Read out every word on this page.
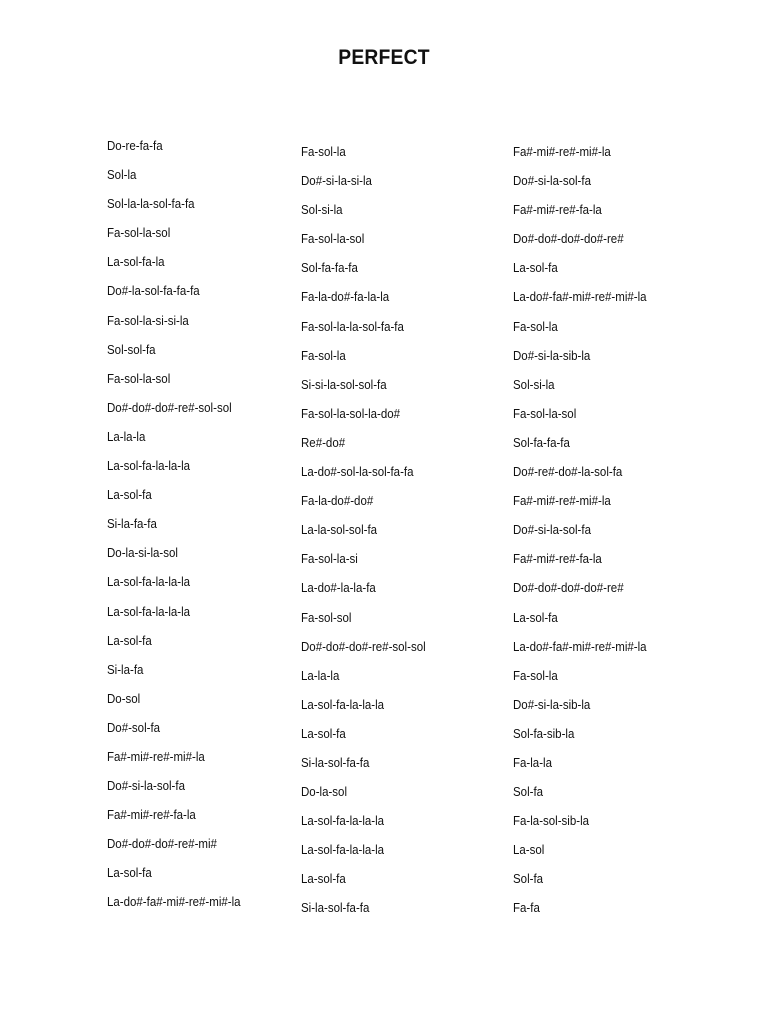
PERFECT
Do-re-fa-fa
Sol-la
Sol-la-la-sol-fa-fa
Fa-sol-la-sol
La-sol-fa-la
Do#-la-sol-fa-fa-fa
Fa-sol-la-si-si-la
Sol-sol-fa
Fa-sol-la-sol
Do#-do#-do#-re#-sol-sol
La-la-la
La-sol-fa-la-la-la
La-sol-fa
Si-la-fa-fa
Do-la-si-la-sol
La-sol-fa-la-la-la
La-sol-fa-la-la-la
La-sol-fa
Si-la-fa
Do-sol
Do#-sol-fa
Fa#-mi#-re#-mi#-la
Do#-si-la-sol-fa
Fa#-mi#-re#-fa-la
Do#-do#-do#-re#-mi#
La-sol-fa
La-do#-fa#-mi#-re#-mi#-la
Fa-sol-la
Do#-si-la-si-la
Sol-si-la
Fa-sol-la-sol
Sol-fa-fa-fa
Fa-la-do#-fa-la-la
Fa-sol-la-la-sol-fa-fa
Fa-sol-la
Si-si-la-sol-sol-fa
Fa-sol-la-sol-la-do#
Re#-do#
La-do#-sol-la-sol-fa-fa
Fa-la-do#-do#
La-la-sol-sol-fa
Fa-sol-la-si
La-do#-la-la-fa
Fa-sol-sol
Do#-do#-do#-re#-sol-sol
La-la-la
La-sol-fa-la-la-la
La-sol-fa
Si-la-sol-fa-fa
Do-la-sol
La-sol-fa-la-la-la
La-sol-fa-la-la-la
La-sol-fa
Si-la-sol-fa-fa
Fa#-mi#-re#-mi#-la
Do#-si-la-sol-fa
Fa#-mi#-re#-fa-la
Do#-do#-do#-do#-re#
La-sol-fa
La-do#-fa#-mi#-re#-mi#-la
Fa-sol-la
Do#-si-la-sib-la
Sol-si-la
Fa-sol-la-sol
Sol-fa-fa-fa
Do#-re#-do#-la-sol-fa
Fa#-mi#-re#-mi#-la
Do#-si-la-sol-fa
Fa#-mi#-re#-fa-la
Do#-do#-do#-do#-re#
La-sol-fa
La-do#-fa#-mi#-re#-mi#-la
Fa-sol-la
Do#-si-la-sib-la
Sol-fa-sib-la
Fa-la-la
Sol-fa
Fa-la-sol-sib-la
La-sol
Sol-fa
Fa-fa
